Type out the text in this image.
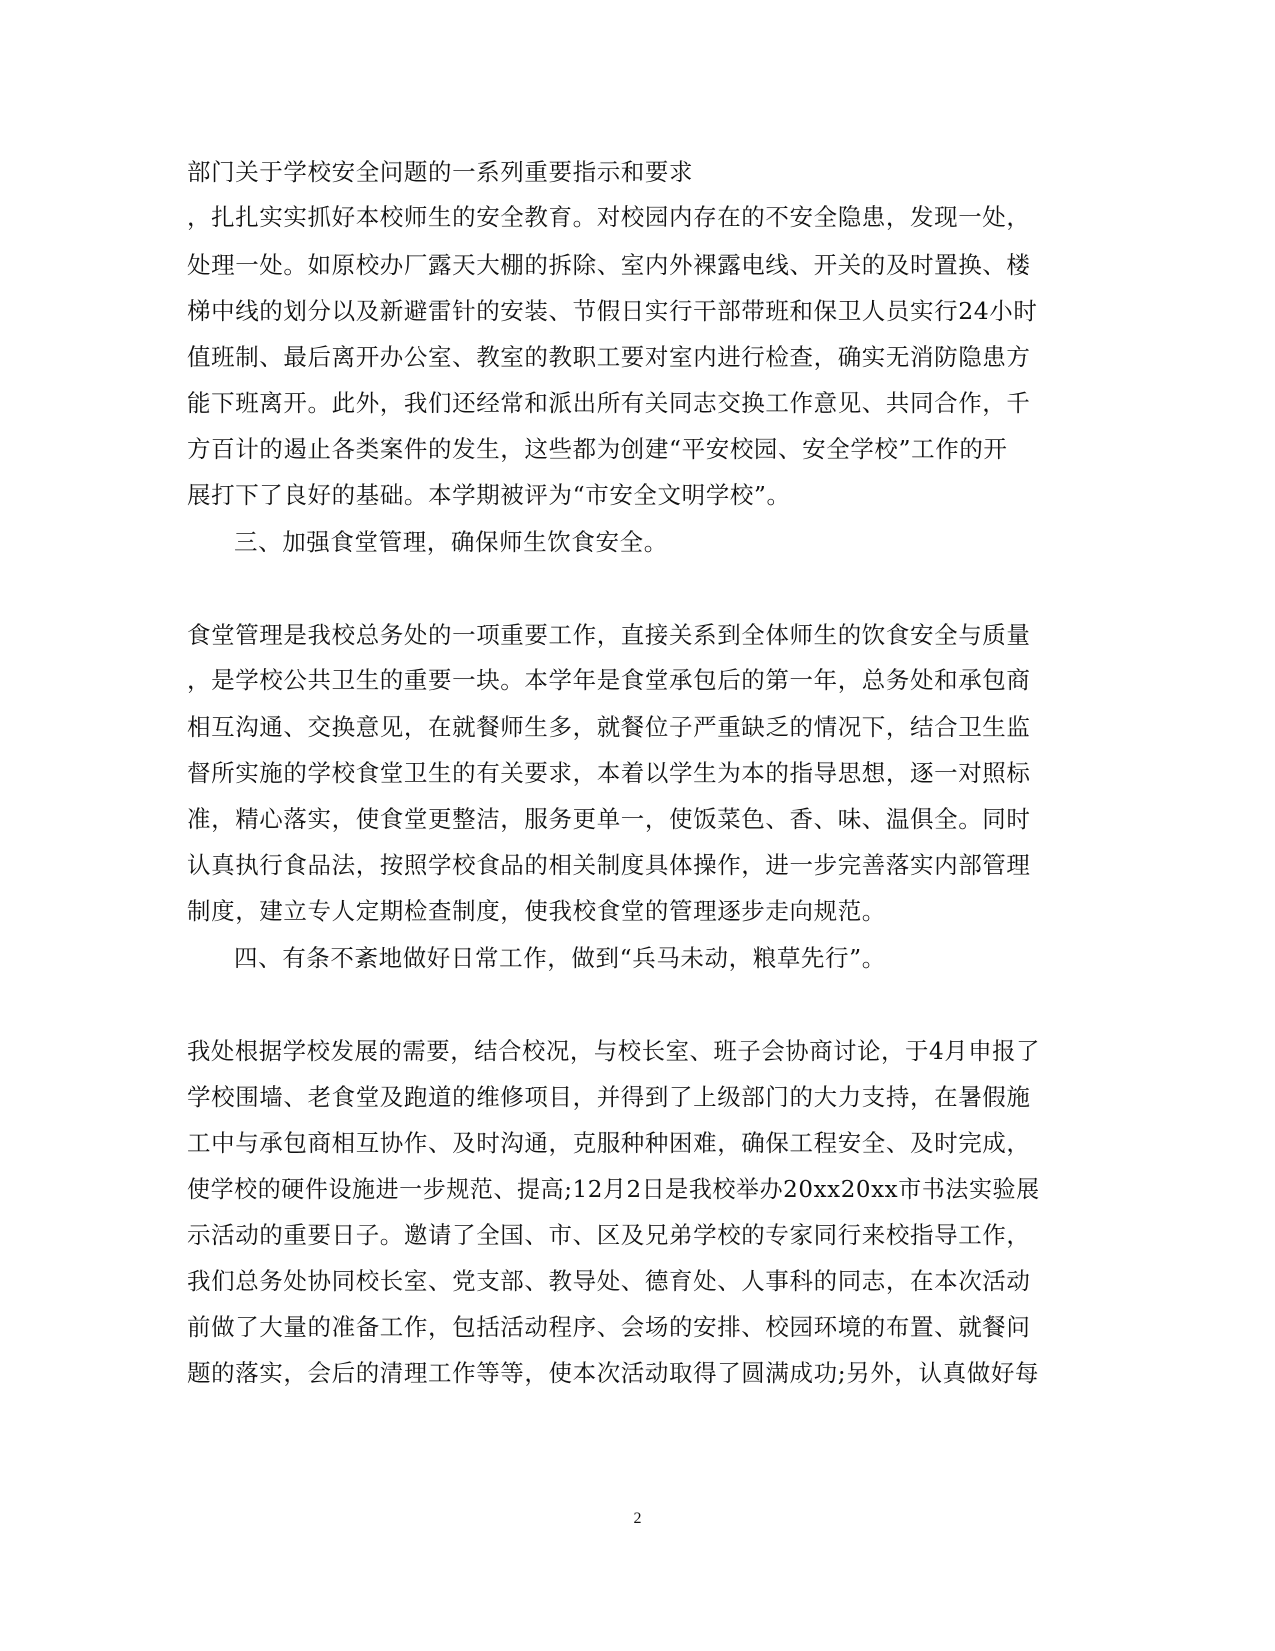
部门关于学校安全问题的一系列重要指示和要求
，扎扎实实抓好本校师生的安全教育。对校园内存在的不安全隐患，发现一处，
处理一处。如原校办厂露天大棚的拆除、室内外裸露电线、开关的及时置换、楼
梯中线的划分以及新避雷针的安装、节假日实行干部带班和保卫人员实行24小时
值班制、最后离开办公室、教室的教职工要对室内进行检查，确实无消防隐患方
能下班离开。此外，我们还经常和派出所有关同志交换工作意见、共同合作，千
方百计的遏止各类案件的发生，这些都为创建“平安校园、安全学校”工作的开
展打下了良好的基础。本学期被评为“市安全文明学校”。
三、加强食堂管理，确保师生饮食安全。
食堂管理是我校总务处的一项重要工作，直接关系到全体师生的饮食安全与质量
，是学校公共卫生的重要一块。本学年是食堂承包后的第一年，总务处和承包商
相互沟通、交换意见，在就餐师生多，就餐位子严重缺乏的情况下，结合卫生监
督所实施的学校食堂卫生的有关要求，本着以学生为本的指导思想，逐一对照标
准，精心落实，使食堂更整洁，服务更单一，使饭菜色、香、味、温俱全。同时
认真执行食品法，按照学校食品的相关制度具体操作，进一步完善落实内部管理
制度，建立专人定期检查制度，使我校食堂的管理逐步走向规范。
四、有条不紊地做好日常工作，做到“兵马未动，粮草先行”。
我处根据学校发展的需要，结合校况，与校长室、班子会协商讨论，于4月申报了
学校围墙、老食堂及跑道的维修项目，并得到了上级部门的大力支持，在暑假施
工中与承包商相互协作、及时沟通，克服种种困难，确保工程安全、及时完成，
使学校的硬件设施进一步规范、提高;12月2日是我校举办20xx20xx市书法实验展
示活动的重要日子。邀请了全国、市、区及兄弟学校的专家同行来校指导工作，
我们总务处协同校长室、党支部、教导处、德育处、人事科的同志，在本次活动
前做了大量的准备工作，包括活动程序、会场的安排、校园环境的布置、就餐问
题的落实，会后的清理工作等等，使本次活动取得了圆满成功;另外，认真做好每
2
